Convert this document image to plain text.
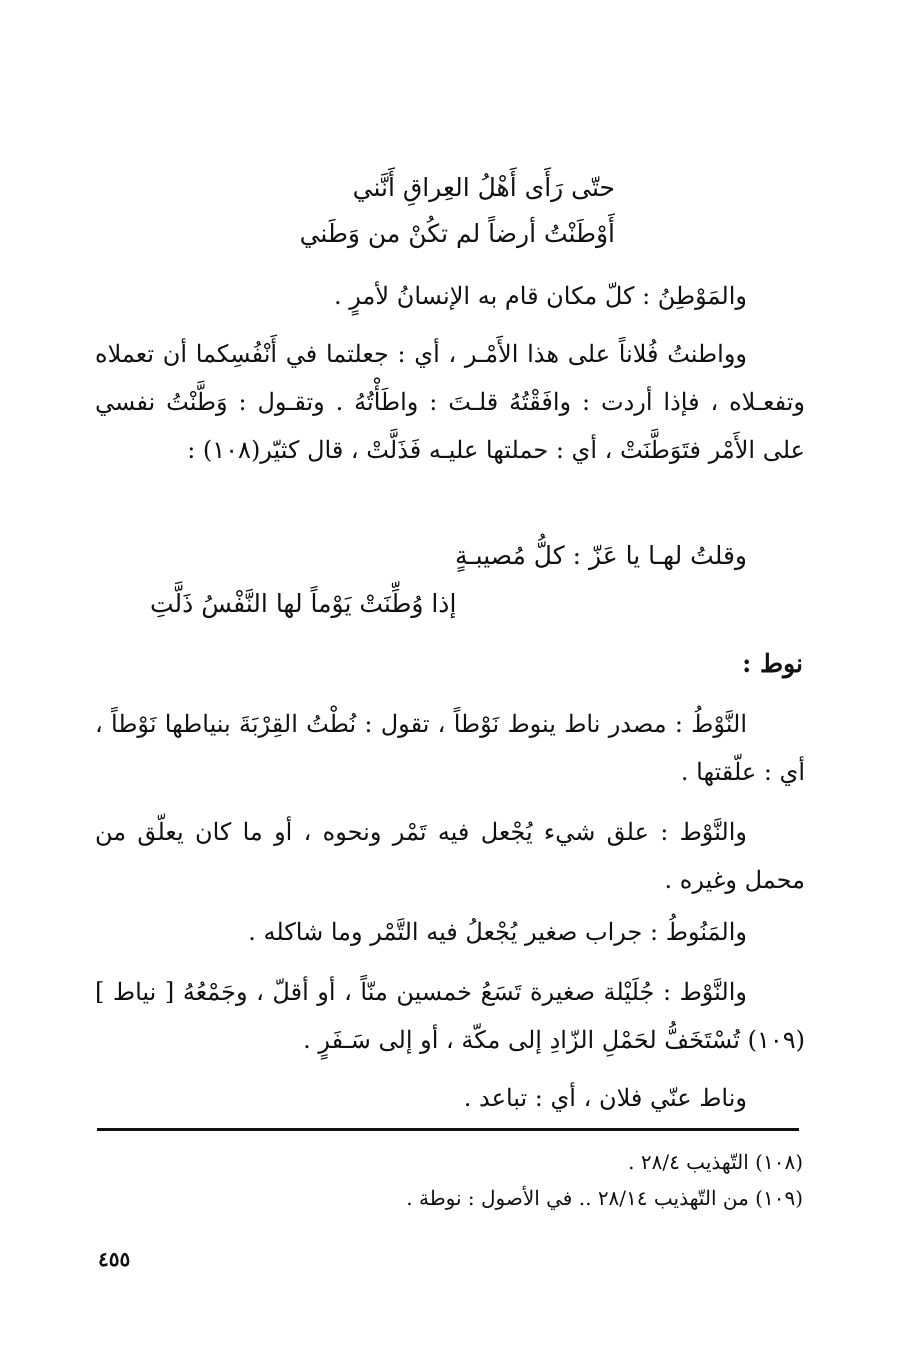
حتّى رَأَى أَهْلُ العِراقِ أَنَّني
أَوْطَنْتُ أرضاً لم تكُنْ من وَطَني
والمَوْطِنُ : كلّ مكان قام به الإنسانُ لأمرٍ .
وواطنتُ فُلاناً على هذا الأَمْـر ، أي : جعلتما في أَنْفُسِكما أن تعملاه وتفعـلاه ، فإذا أردت : وافَقْتُهُ قلـتَ : واطَأْتُهُ . وتقـول : وَطَّنْتُ نفسي على الأَمْر فتَوَطَّنَتْ ، أي : حملتها عليـه فَذَلَّتْ ، قال كثيّر(١٠٨) :
وقلتُ لهـا يا عَزّ : كلُّ مُصيبـةٍ
إذا وُطِّنَتْ يَوْماً لها النَّفْسُ ذَلَّتِ
نوط :
النَّوْطُ : مصدر ناط ينوط نَوْطاً ، تقول : نُطْتُ القِرْبَةَ بنياطها نَوْطاً ، أي : علّقتها .
والنَّوْط : علق شيء يُجْعل فيه تَمْر ونحوه ، أو ما كان يعلّق من محمل وغيره .
والمَنُوطُ : جراب صغير يُجْعلُ فيه التَّمْر وما شاكله .
والنَّوْط : جُلَيْلة صغيرة تَسَعُ خمسين منّاً ، أو أقلّ ، وجَمْعُهُ [ نياط ](١٠٩) تُسْتَخَفُّ لحَمْلِ الزّادِ إلى مكّة ، أو إلى سَـفَرٍ .
وناط عنّي فلان ، أي : تباعد .
(١٠٨) التّهذيب ٢٨/٤ .
(١٠٩) من التّهذيب ٢٨/١٤ .. في الأصول : نوطة .
٤٥٥
